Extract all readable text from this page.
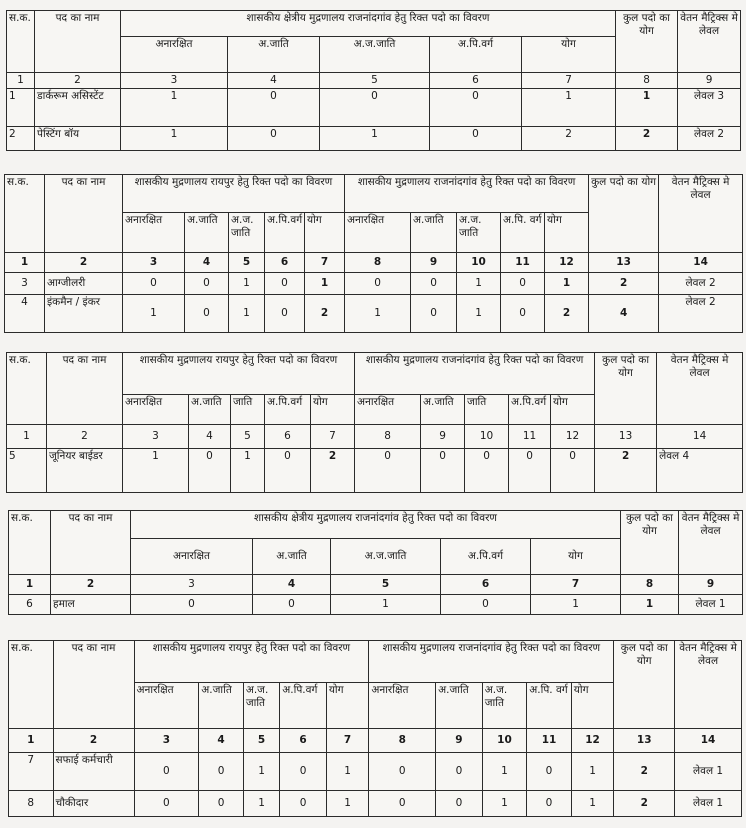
स.क.	पद का नाम	शासकीय क्षेत्रीय मुद्रणालय राजनांदगांव हेतु रिक्त पदो का विवरण					कुल पदो का योग	वेतन मैट्रिक्स मे लेवल
		अनारक्षित	अ.जाति	अ.ज.जाति	अ.पि.वर्ग	योग		
1	2	3	4	5	6	7	8	9
1	डार्करूम असिस्टेंट	1	0	0	0	1	1	लेवल 3
2	पेस्टिंग बॉय	1	0	1	0	2	2	लेवल 2
स.क.	पद का नाम	शासकीय मुद्रणालय रायपुर हेतु रिक्त पदो का विवरण					शासकीय मुद्रणालय राजनांदगांव हेतु रिक्त पदो का विवरण					कुल पदो का योग	वेतन मैट्रिक्स मे लेवल
		अनारक्षित	अ.जाति	अ.ज. जाति	अ.पि.वर्ग	योग	अनारक्षित	अ.जाति	अ.ज. जाति	अ.पि. वर्ग	योग		
1	2	3	4	5	6	7	8	9	10	11	12	13	14
3	आग्जीलरी	0	0	1	0	1	0	0	1	0	1	2	लेवल 2
4	इंकमैन / इंकर	1	0	1	0	2	1	0	1	0	2	4	लेवल 2
स.क.	पद का नाम	शासकीय मुद्रणालय रायपुर हेतु रिक्त पदो का विवरण					शासकीय मुद्रणालय राजनांदगांव हेतु रिक्त पदो का विवरण					कुल पदो का योग	वेतन मैट्रिक्स मे लेवल
		अनारक्षित	अ.जाति	जाति	अ.पि.वर्ग	योग	अनारक्षित	अ.जाति	जाति	अ.पि.वर्ग	योग		
1	2	3	4	5	6	7	8	9	10	11	12	13	14
5	जूनियर बाईडर	1	0	1	0	2	0	0	0	0	0	2	लेवल 4
स.क.	पद का नाम	शासकीय क्षेत्रीय मुद्रणालय राजनांदगांव हेतु रिक्त पदो का विवरण					कुल पदो का योग	वेतन मैट्रिक्स मे लेवल
		अनारक्षित	अ.जाति	अ.ज.जाति	अ.पि.वर्ग	योग		
1	2	3	4	5	6	7	8	9
6	हमाल	0	0	1	0	1	1	लेवल 1
स.क.	पद का नाम	शासकीय मुद्रणालय रायपुर हेतु रिक्त पदो का विवरण					शासकीय मुद्रणालय राजनांदगांव हेतु रिक्त पदो का विवरण					कुल पदो का योग	वेतन मैट्रिक्स मे लेवल
		अनारक्षित	अ.जाति	अ.ज. जाति	अ.पि.वर्ग	योग	अनारक्षित	अ.जाति	अ.ज. जाति	अ.पि. वर्ग	योग		
1	2	3	4	5	6	7	8	9	10	11	12	13	14
7	सफाई कर्मचारी	0	0	1	0	1	0	0	1	0	1	2	लेवल 1
8	चौकीदार	0	0	1	0	1	0	0	1	0	1	2	लेवल 1
